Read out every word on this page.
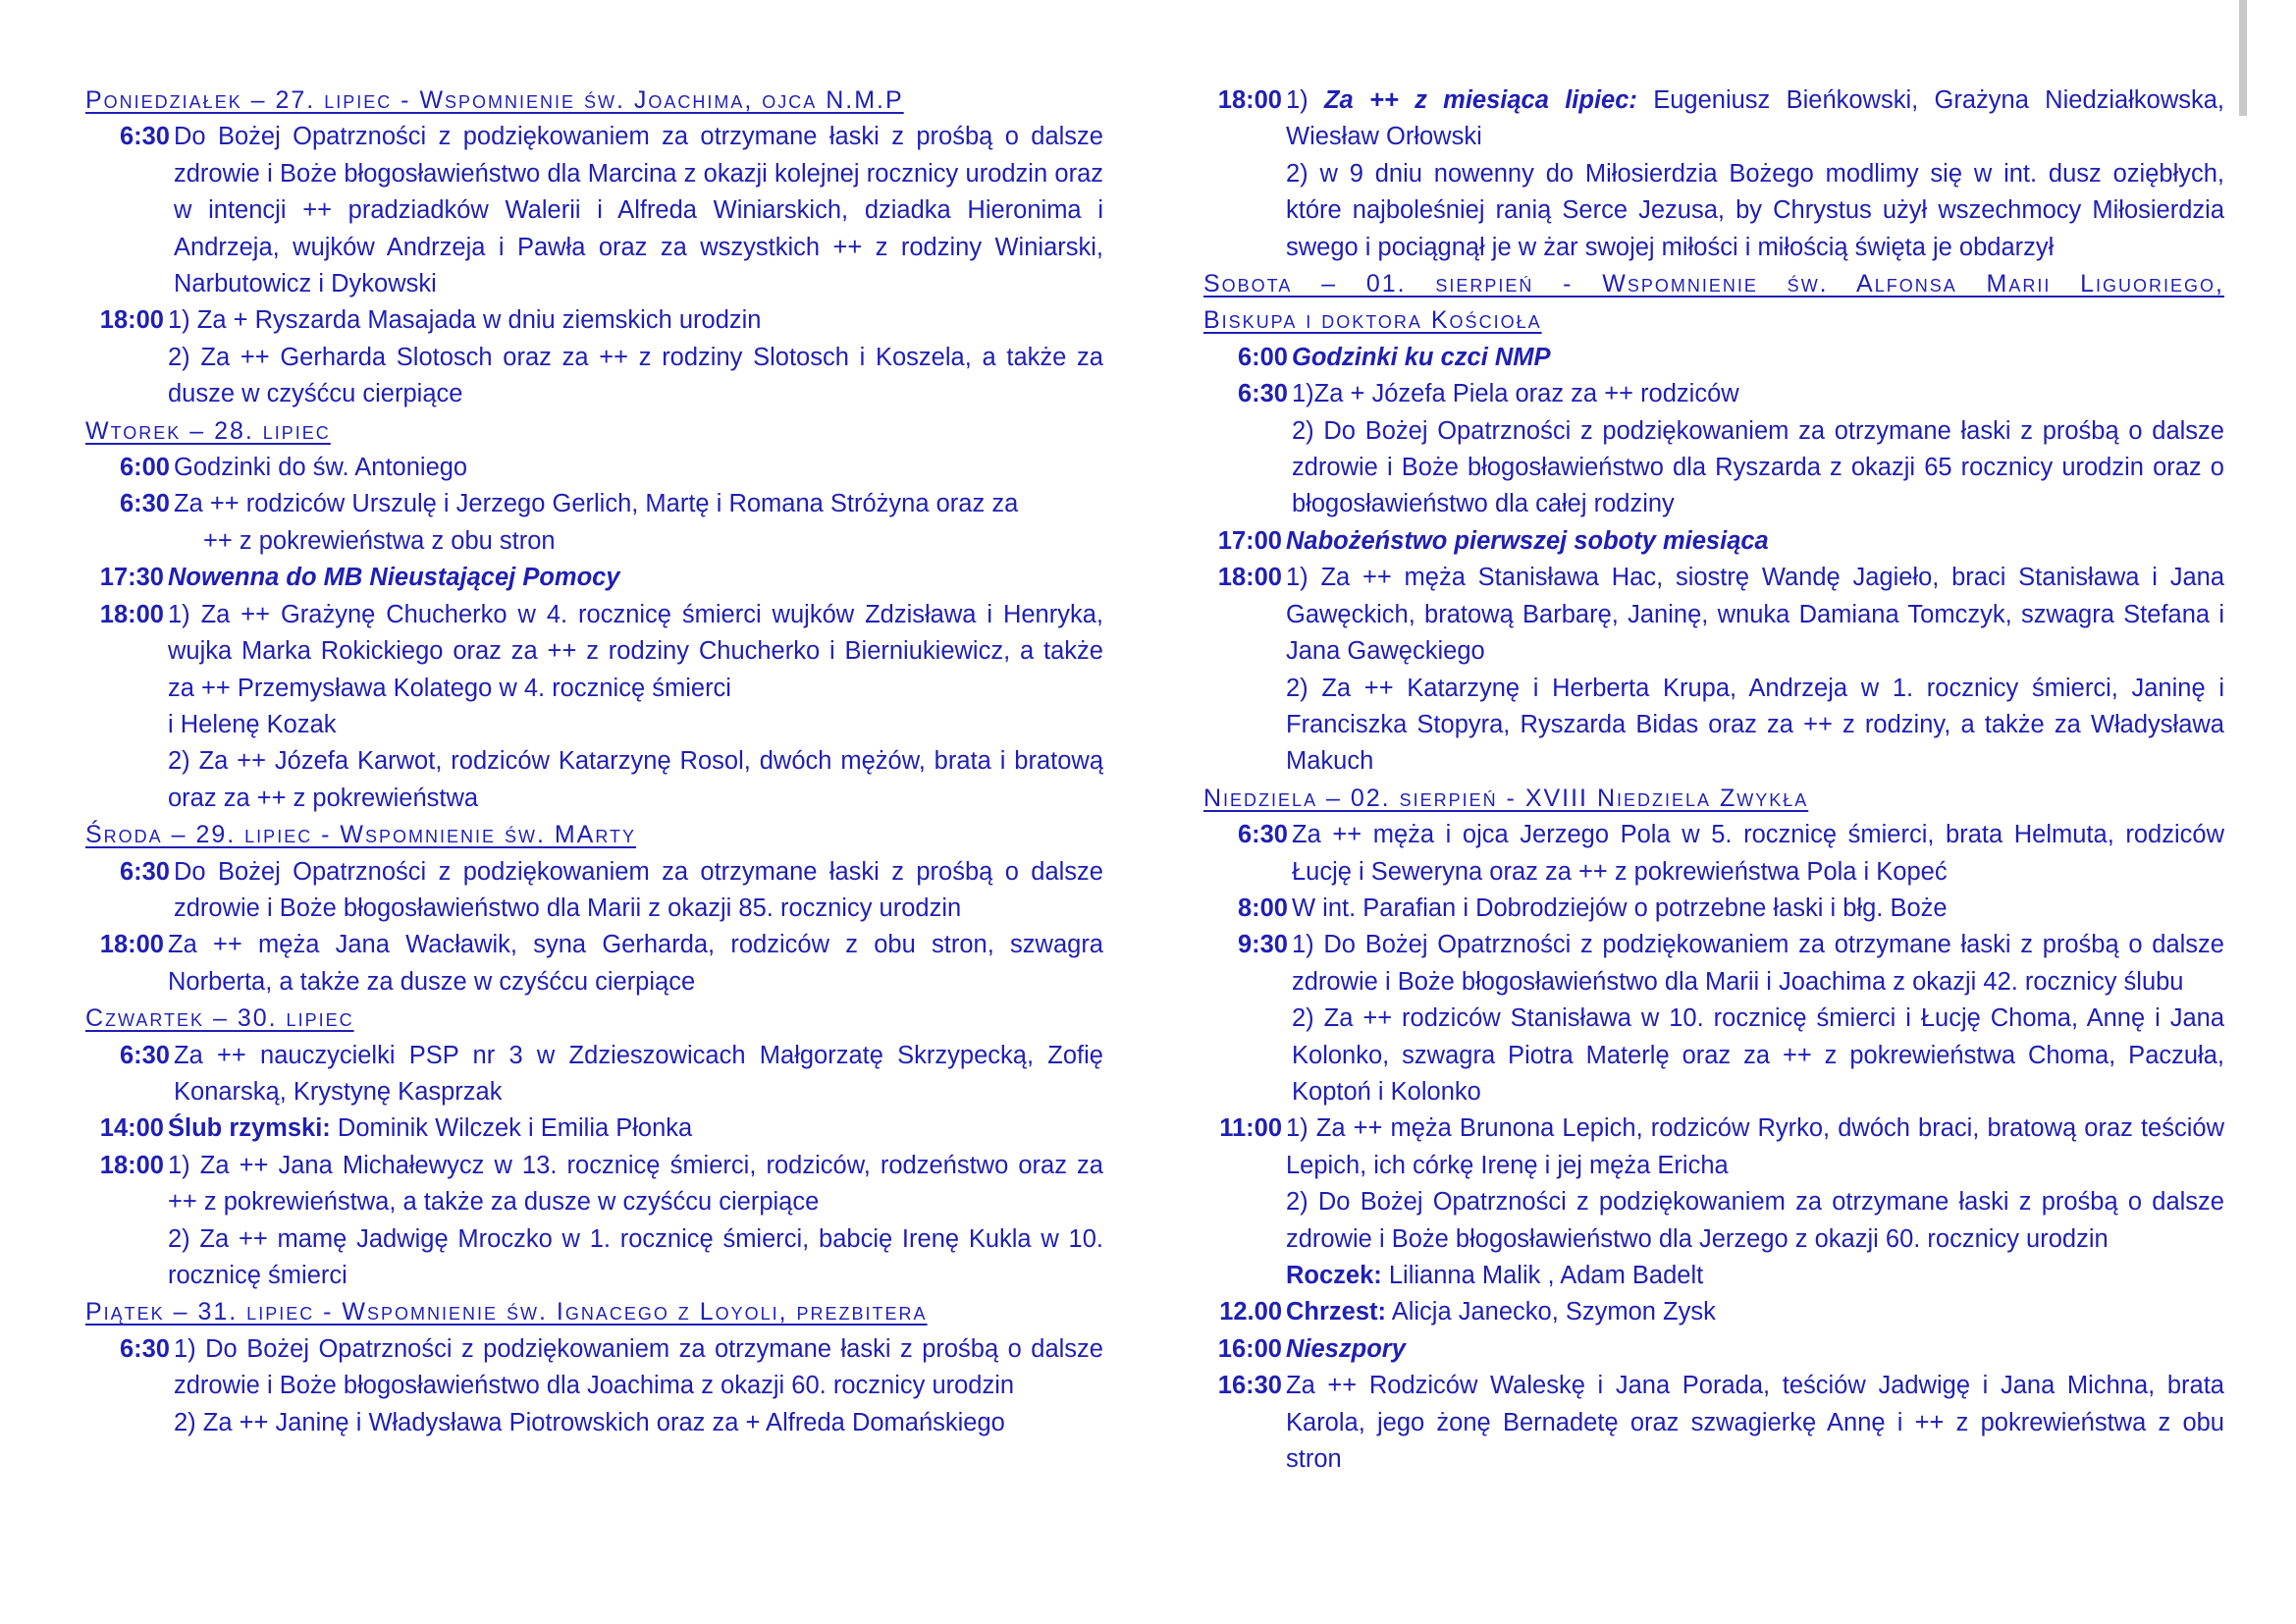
Poniedziałek – 27. lipiec - Wspomnienie św. Joachima, ojca N.M.P
6:30 Do Bożej Opatrzności z podziękowaniem za otrzymane łaski z prośbą o dalsze zdrowie i Boże błogosławieństwo dla Marcina z okazji kolejnej rocznicy urodzin oraz w intencji ++ pradziadków Walerii i Alfreda Winiarskich, dziadka Hieronima i Andrzeja, wujków Andrzeja i Pawła oraz za wszystkich ++ z rodziny Winiarski, Narbutowicz i Dykowski
18:00 1) Za + Ryszarda Masajada w dniu ziemskich urodzin
2) Za ++ Gerharda Slotosch oraz za ++ z rodziny Slotosch i Koszela, a także za dusze w czyśćcu cierpiące
Wtorek – 28. lipiec
6:00 Godzinki do św. Antoniego
6:30 Za ++ rodziców Urszulę i Jerzego Gerlich, Martę i Romana Stróżyna oraz za
++ z pokrewieństwa z obu stron
17:30 Nowenna do MB Nieustającej Pomocy
18:00 1) Za ++ Grażynę Chucherko w 4. rocznicę śmierci wujków Zdzisława i Henryka, wujka Marka Rokickiego oraz za ++ z rodziny Chucherko i Bierniukiewicz, a także za ++ Przemysława Kolatego w 4. rocznicę śmierci
i Helenę Kozak
2) Za ++ Józefa Karwot, rodziców Katarzynę Rosol, dwóch mężów, brata i bratową oraz za ++ z pokrewieństwa
Środa – 29. lipiec - Wspomnienie św. MArty
6:30 Do Bożej Opatrzności z podziękowaniem za otrzymane łaski z prośbą o dalsze zdrowie i Boże błogosławieństwo dla Marii z okazji 85. rocznicy urodzin
18:00 Za ++ męża Jana Wacławik, syna Gerharda, rodziców z obu stron, szwagra Norberta, a także za dusze w czyśćcu cierpiące
Czwartek – 30. lipiec
6:30 Za ++ nauczycielki PSP nr 3 w Zdzieszowicach Małgorzatę Skrzypecką, Zofię Konarską, Krystynę Kasprzak
14:00 Ślub rzymski: Dominik Wilczek i Emilia Płonka
18:00 1) Za ++ Jana Michałewycz w 13. rocznicę śmierci, rodziców, rodzeństwo oraz za ++ z pokrewieństwa, a także za dusze w czyśćcu cierpiące
2) Za ++ mamę Jadwigę Mroczko w 1. rocznicę śmierci, babcię Irenę Kukla w 10. rocznicę śmierci
Piątek – 31. lipiec - Wspomnienie św. Ignacego z Loyoli, prezbitera
6:30 1) Do Bożej Opatrzności z podziękowaniem za otrzymane łaski z prośbą o dalsze zdrowie i Boże błogosławieństwo dla Joachima z okazji 60. rocznicy urodzin
2) Za ++ Janinę i Władysława Piotrowskich oraz za + Alfreda Domańskiego
18:00 1) Za ++ z miesiąca lipiec: Eugeniusz Bieńkowski, Grażyna Niedziałkowska, Wiesław Orłowski
2) w 9 dniu nowenny do Miłosierdzia Bożego modlimy się w int. dusz oziębłych, które najboleśniej ranią Serce Jezusa, by Chrystus użył wszechmocy Miłosierdzia swego i pociągnął je w żar swojej miłości i miłością święta je obdarzył
Sobota – 01. sierpień - Wspomnienie św. Alfonsa Marii Liguoriego,
Biskupa i doktora Kościoła
6:00 Godzinki ku czci NMP
6:30 1)Za + Józefa Piela oraz za ++ rodziców
2) Do Bożej Opatrzności z podziękowaniem za otrzymane łaski z prośbą o dalsze zdrowie i Boże błogosławieństwo dla Ryszarda z okazji 65 rocznicy urodzin oraz o błogosławieństwo dla całej rodziny
17:00 Nabożeństwo pierwszej soboty miesiąca
18:00 1) Za ++ męża Stanisława Hac, siostrę Wandę Jagieło, braci Stanisława i Jana Gawęckich, bratową Barbarę, Janinę, wnuka Damiana Tomczyk, szwagra Stefana i Jana Gawęckiego
2) Za ++ Katarzynę i Herberta Krupa, Andrzeja w 1. rocznicy śmierci, Janinę i Franciszka Stopyra, Ryszarda Bidas oraz za ++ z rodziny, a także za Władysława Makuch
Niedziela – 02. sierpień - XVIII Niedziela Zwykła
6:30 Za ++ męża i ojca Jerzego Pola w 5. rocznicę śmierci, brata Helmuta, rodziców Łucję i Seweryna oraz za ++ z pokrewieństwa Pola i Kopeć
8:00 W int. Parafian i Dobrodziejów o potrzebne łaski i błg. Boże
9:30 1) Do Bożej Opatrzności z podziękowaniem za otrzymane łaski z prośbą o dalsze zdrowie i Boże błogosławieństwo dla Marii i Joachima z okazji 42. rocznicy ślubu
2) Za ++ rodziców Stanisława w 10. rocznicę śmierci i Łucję Choma, Annę i Jana Kolonko, szwagra Piotra Materlę oraz za ++ z pokrewieństwa Choma, Paczuła, Koptoń i Kolonko
11:00 1) Za ++ męża Brunona Lepich, rodziców Ryrko, dwóch braci, bratową oraz teściów Lepich, ich córkę Irenę i jej męża Ericha
2) Do Bożej Opatrzności z podziękowaniem za otrzymane łaski z prośbą o dalsze zdrowie i Boże błogosławieństwo dla Jerzego z okazji 60. rocznicy urodzin
Roczek: Lilianna Malik , Adam Badelt
12.00 Chrzest: Alicja Janecko, Szymon Zysk
16:00 Nieszpory
16:30 Za ++ Rodziców Waleskę i Jana Porada, teściów Jadwigę i Jana Michna, brata Karola, jego żonę Bernadetę oraz szwagierkę Annę i ++ z pokrewieństwa z obu stron
